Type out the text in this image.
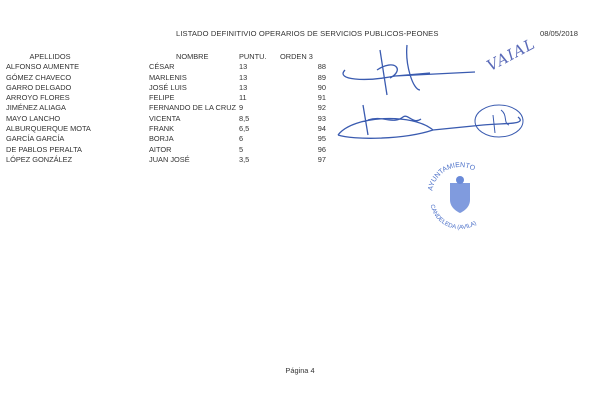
LISTADO DEFINITIVIO OPERARIOS DE SERVICIOS PUBLICOS-PEONES	08/05/2018
APELLIDOS	NOMBRE	PUNTU.	ORDEN 3
ALFONSO AUMENTE	CÉSAR	13	88
GÓMEZ CHAVECO	MARLENIS	13	89
GARRO DELGADO	JOSÉ LUIS	13	90
ARROYO FLORES	FELIPE	11	91
JIMÉNEZ ALIAGA	FERNANDO DE LA CRUZ 9	92
MAYO LANCHO	VICENTA	8,5	93
ALBURQUERQUE MOTA	FRANK	6,5	94
GARCÍA GARCÍA	BORJA	6	95
DE PABLOS PERALTA	AITOR	5	96
LÓPEZ GONZÁLEZ	JUAN JOSÉ	3,5	97
VAIAL
AYUNTAMIENTO
CANDELEDA (AVILA)
Página 4
